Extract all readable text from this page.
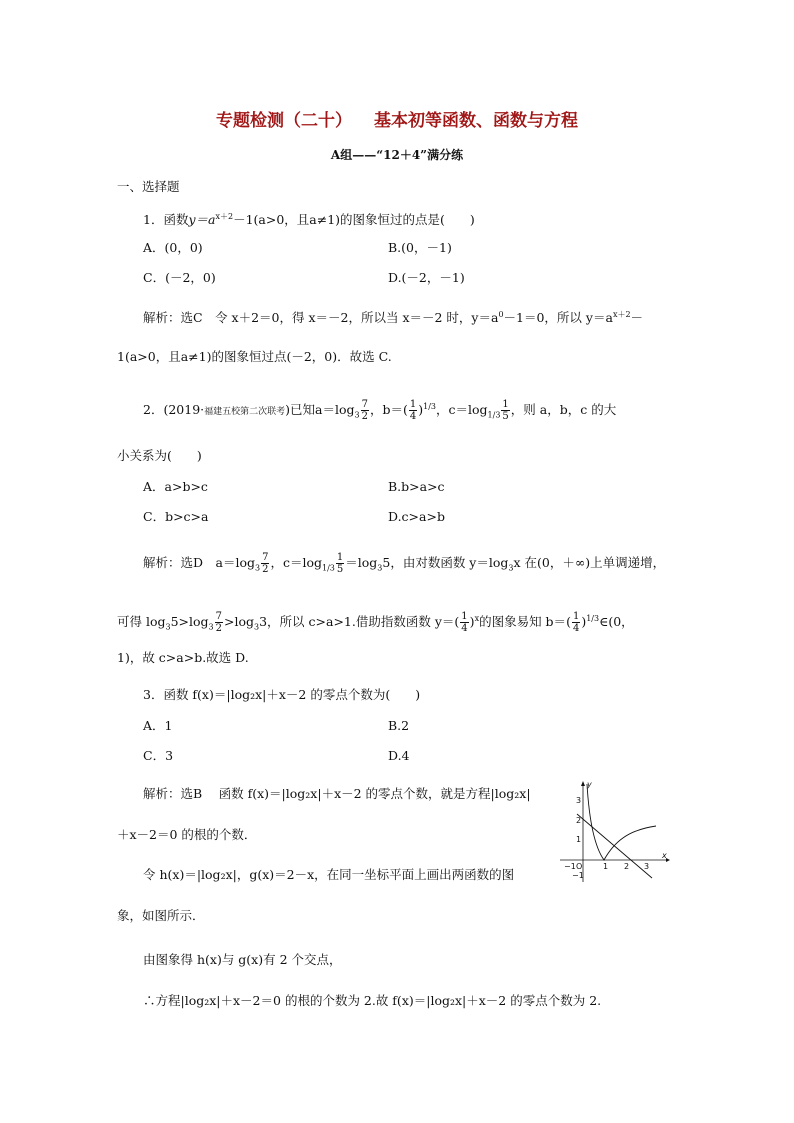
专题检测（二十） 基本初等函数、函数与方程
A组——“12＋4”满分练
一、选择题
1．函数$y=a^{x+2}-1(a>0$，且a≠1)的图象恒过的点是(　　)
A．(0，0)	B.(0，－1)
C．(－2，0)	D.(－2，－1)
解析：选C　令 x＋2＝0，得 x＝－2，所以当 x＝－2 时，$y=a^0-1=0$，所以 $y=a^{x+2}-$
1(a>0，且a≠1)的图象恒过点(－2，0)．故选 C.
2．(2019·福建五校第二次联考)已知$a=\log_3 \frac{7}{2}$ ，$b=( \frac{1}{4} )^{1/3}$，$c=\log_{1/3} \frac{1}{5}$ ，则 a，b，c 的大
小关系为(　　)
A．a>b>c	B.b>a>c
C．b>c>a	D.c>a>b
解析：选D　$a=\log_3 \frac{7}{2}$ ，$c=\log_{1/3} \frac{1}{5} =\log_35$，由对数函数 $y=\log_3x$ 在(0，＋∞)上单调递增，
可得 $\log_35>\log_3 \frac{7}{2} >\log_33$，所以 c>a>1.借助指数函数 $y=( \frac{1}{4} )^x$的图象易知 $b=( \frac{1}{4}$ )$^{1/3}\in(0$，
1)，故 c>a>b.故选 D.
3．函数 f(x)＝|log₂x|＋x－2 的零点个数为(　　)
A．1	B.2
C．3	D.4
解析：选B　 函数 f(x)＝|log₂x|＋x－2 的零点个数，就是方程|log₂x|
＋x－2＝0 的根的个数．
令 h(x)＝|log₂x|，g(x)＝2－x，在同一坐标平面上画出两函数的图
象，如图所示．
由图象得 h(x)与 g(x)有 2 个交点，
∴方程|log₂x|＋x－2＝0 的根的个数为 2.故 f(x)＝|log₂x|＋x－2 的零点个数为 2.
y
x
O
−1	1 2 3
3
2
1
−1
